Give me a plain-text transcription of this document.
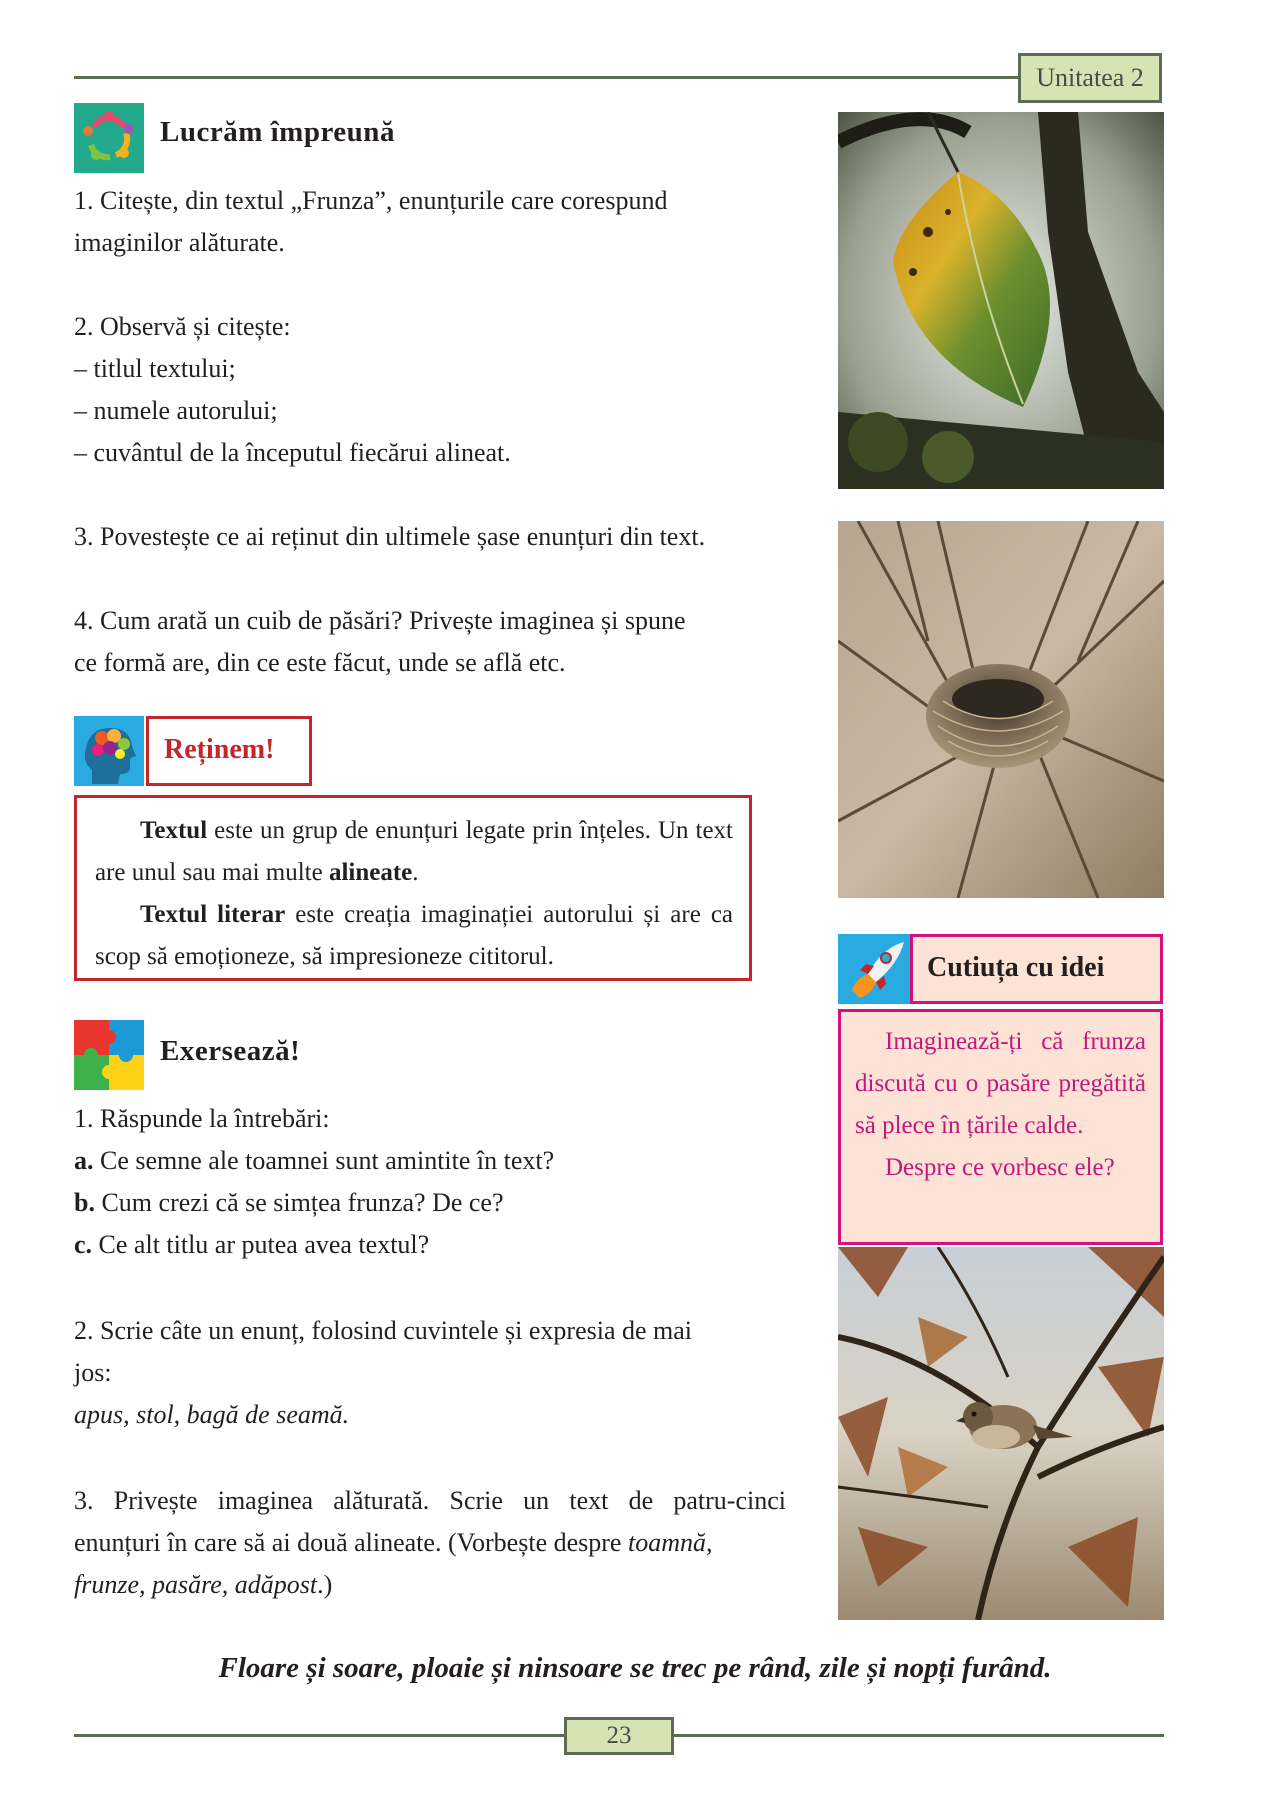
Unitatea 2
Lucrăm împreună

1. Citește, din textul „Frunza”, enunțurile care corespund

imaginilor alăturate.

2. Observă și citește:

– titlul textului;

– numele autorului;

– cuvântul de la începutul fiecărui alineat.

3. Povestește ce ai reținut din ultimele șase enunțuri din text.

4. Cum arată un cuib de păsări? Privește imaginea și spune

ce formă are, din ce este făcut, unde se află etc.

Reținem!

Textul este un grup de enunțuri legate prin înțeles. Un text are unul sau mai multe alineate.

Textul literar este creația imaginației autorului și are ca scop să emoționeze, să impresioneze cititorul.

Exersează!

1. Răspunde la întrebări:

a. Ce semne ale toamnei sunt amintite în text?

b. Cum crezi că se simțea frunza? De ce?

c. Ce alt titlu ar putea avea textul?

2. Scrie câte un enunț, folosind cuvintele și expresia de mai

jos:

apus, stol, bagă de seamă.

3. Privește imaginea alăturată. Scrie un text de patru-cinci

enunțuri în care să ai două alineate. (Vorbește despre toamnă,

frunze, pasăre, adăpost.)

Cutiuța cu idei

Imaginează-ți că frunza discută cu o pasăre pregătită să plece în țările calde.

Despre ce vorbesc ele?

Floare și soare, ploaie și ninsoare se trec pe rând, zile și nopți furând.
23
